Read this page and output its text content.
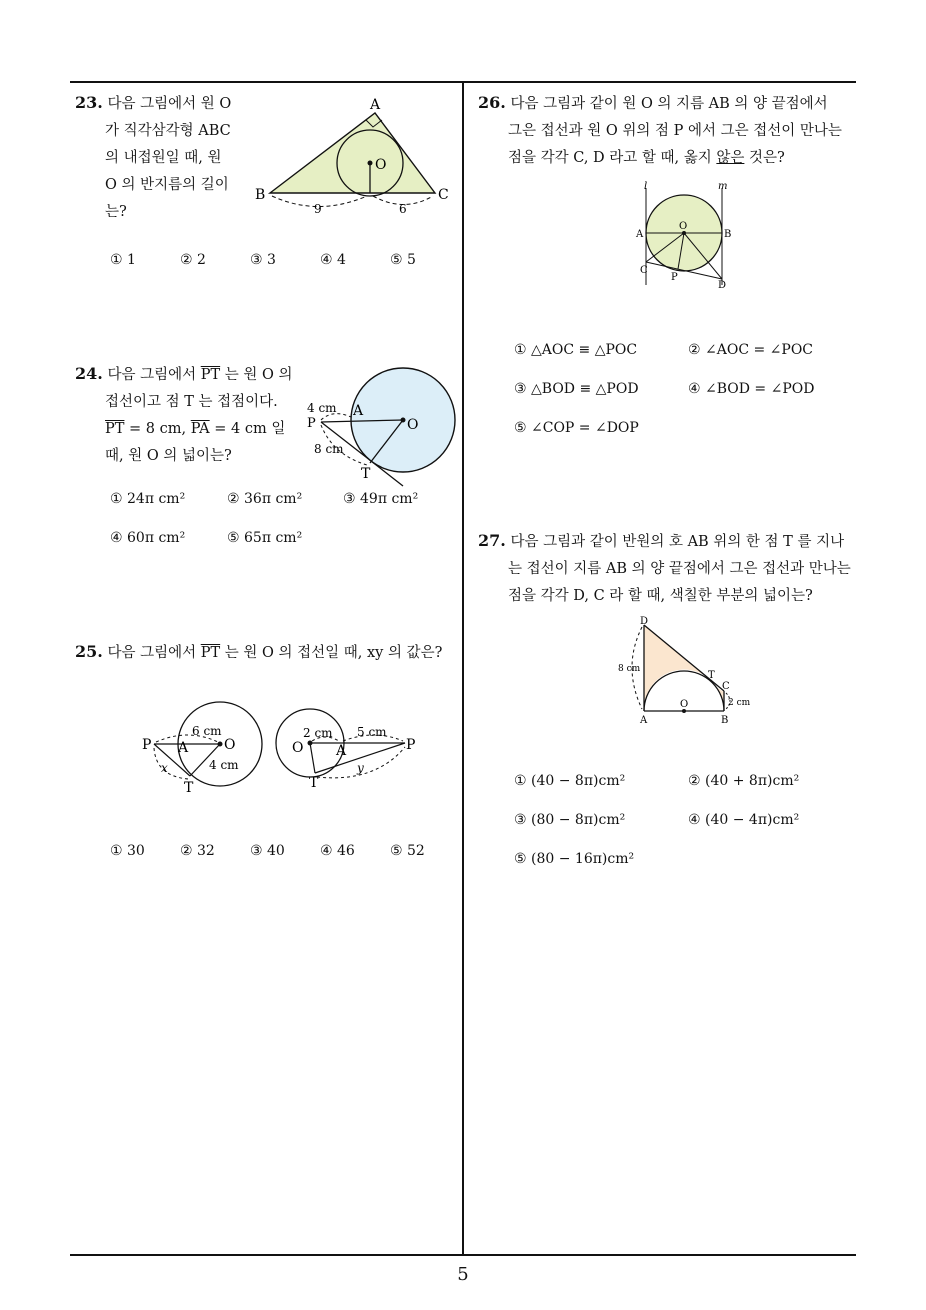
23. 다음 그림에서 원 O
가 직각삼각형 ABC
의 내접원일 때, 원
O 의 반지름의 길이
는?
A
B	C
O
9	6
① 1	② 2	③ 3	④ 4	⑤ 5
24. 다음 그림에서 $\overline{PT}$ 는 원 O 의
접선이고 점 T 는 접점이다.
$\overline{PT} = 8$ cm, $\overline{PA} = 4$ cm 일
때, 원 O 의 넓이는?
P
A
O
T
4 cm
8 cm
① 24π cm²	② 36π cm²	③ 49π cm²
④ 60π cm²	⑤ 65π cm²
25. 다음 그림에서 $\overline{PT}$ 는 원 O 의 접선일 때, xy 의 값은?
P A	O
T
6 cm
4 cm
x
O A	P
T
2 cm 5 cm
y
① 30	② 32	③ 40	④ 46	⑤ 52
26. 다음 그림과 같이 원 O 의 지름 AB 의 양 끝점에서
그은 접선과 원 O 위의 점 P 에서 그은 접선이 만나는
점을 각각 C, D 라고 할 때, 옳지 않은 것은?
l	m
O
A	B
C
P
D
① △AOC ≡ △POC	② ∠AOC = ∠POC
③ △BOD ≡ △POD	④ ∠BOD = ∠POD
⑤ ∠COP = ∠DOP
27. 다음 그림과 같이 반원의 호 AB 위의 한 점 T 를 지나
는 접선이 지름 AB 의 양 끝점에서 그은 접선과 만나는
점을 각각 D, C 라 할 때, 색칠한 부분의 넓이는?
D
T
C
A
O
B
8 cm
2 cm
① (40 − 8π)cm²	② (40 + 8π)cm²
③ (80 − 8π)cm²	④ (40 − 4π)cm²
⑤ (80 − 16π)cm²
5
